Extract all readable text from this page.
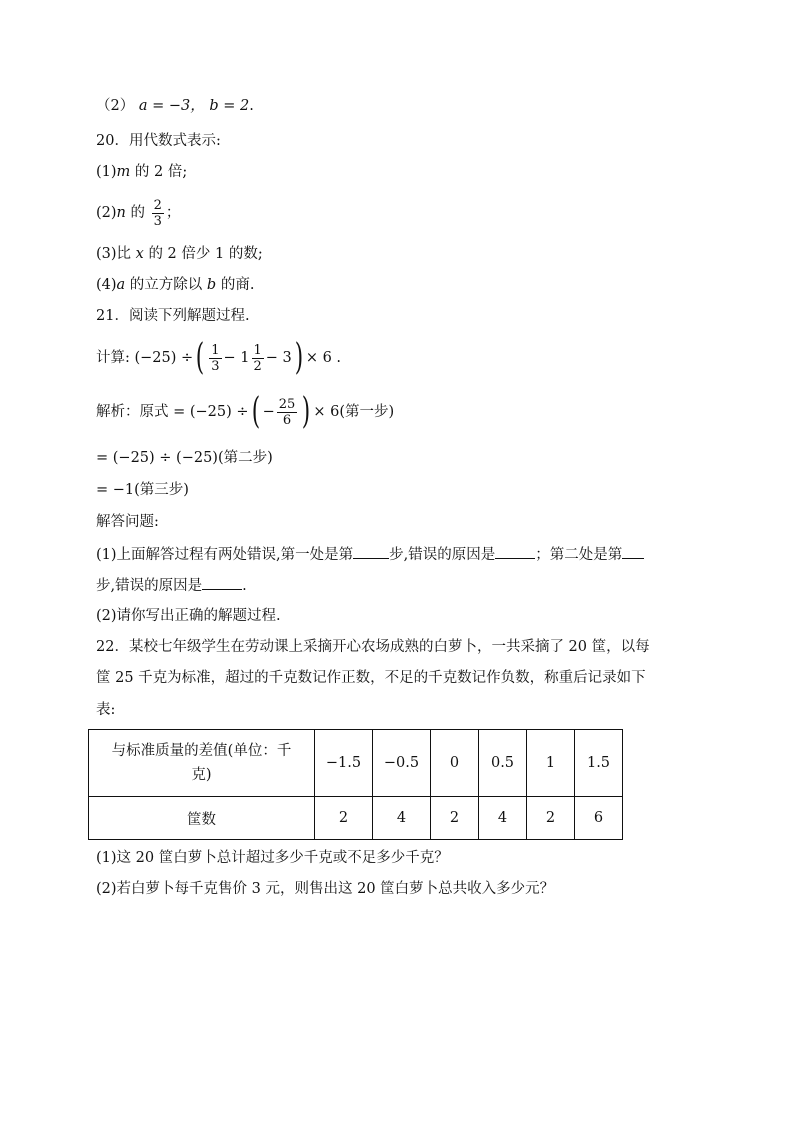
（2） a = −3， b = 2.
20．用代数式表示:
(1)m 的 2 倍;
(2)n 的 $\frac{2}{3}$ ；
(3)比 x 的 2 倍少 1 的数;
(4)a 的立方除以 b 的商.
21．阅读下列解题过程.
计算: (−25) ÷( $\frac{1}{3} - 1 \frac{1}{2} - 3) \times 6$ .
解析：原式 = (−25) ÷( − $\frac{25}{6}$ ) × 6(第一步)
= (−25) ÷ (−25)(第二步)
= −1(第三步)
解答问题:
(1)上面解答过程有两处错误,第一处是第 步,错误的原因是	；第二处是第
步,错误的原因是	.
(2)请你写出正确的解题过程.
22．某校七年级学生在劳动课上采摘开心农场成熟的白萝卜，一共采摘了 20 筐，以每
筐 25 千克为标准，超过的千克数记作正数，不足的千克数记作负数，称重后记录如下
表:
与标准质量的差值(单位：千克)	−1.5	−0.5	0	0.5	1	1.5
筐数	2	4	2	4	2	6
(1)这 20 筐白萝卜总计超过多少千克或不足多少千克？
(2)若白萝卜每千克售价 3 元，则售出这 20 筐白萝卜总共收入多少元？
